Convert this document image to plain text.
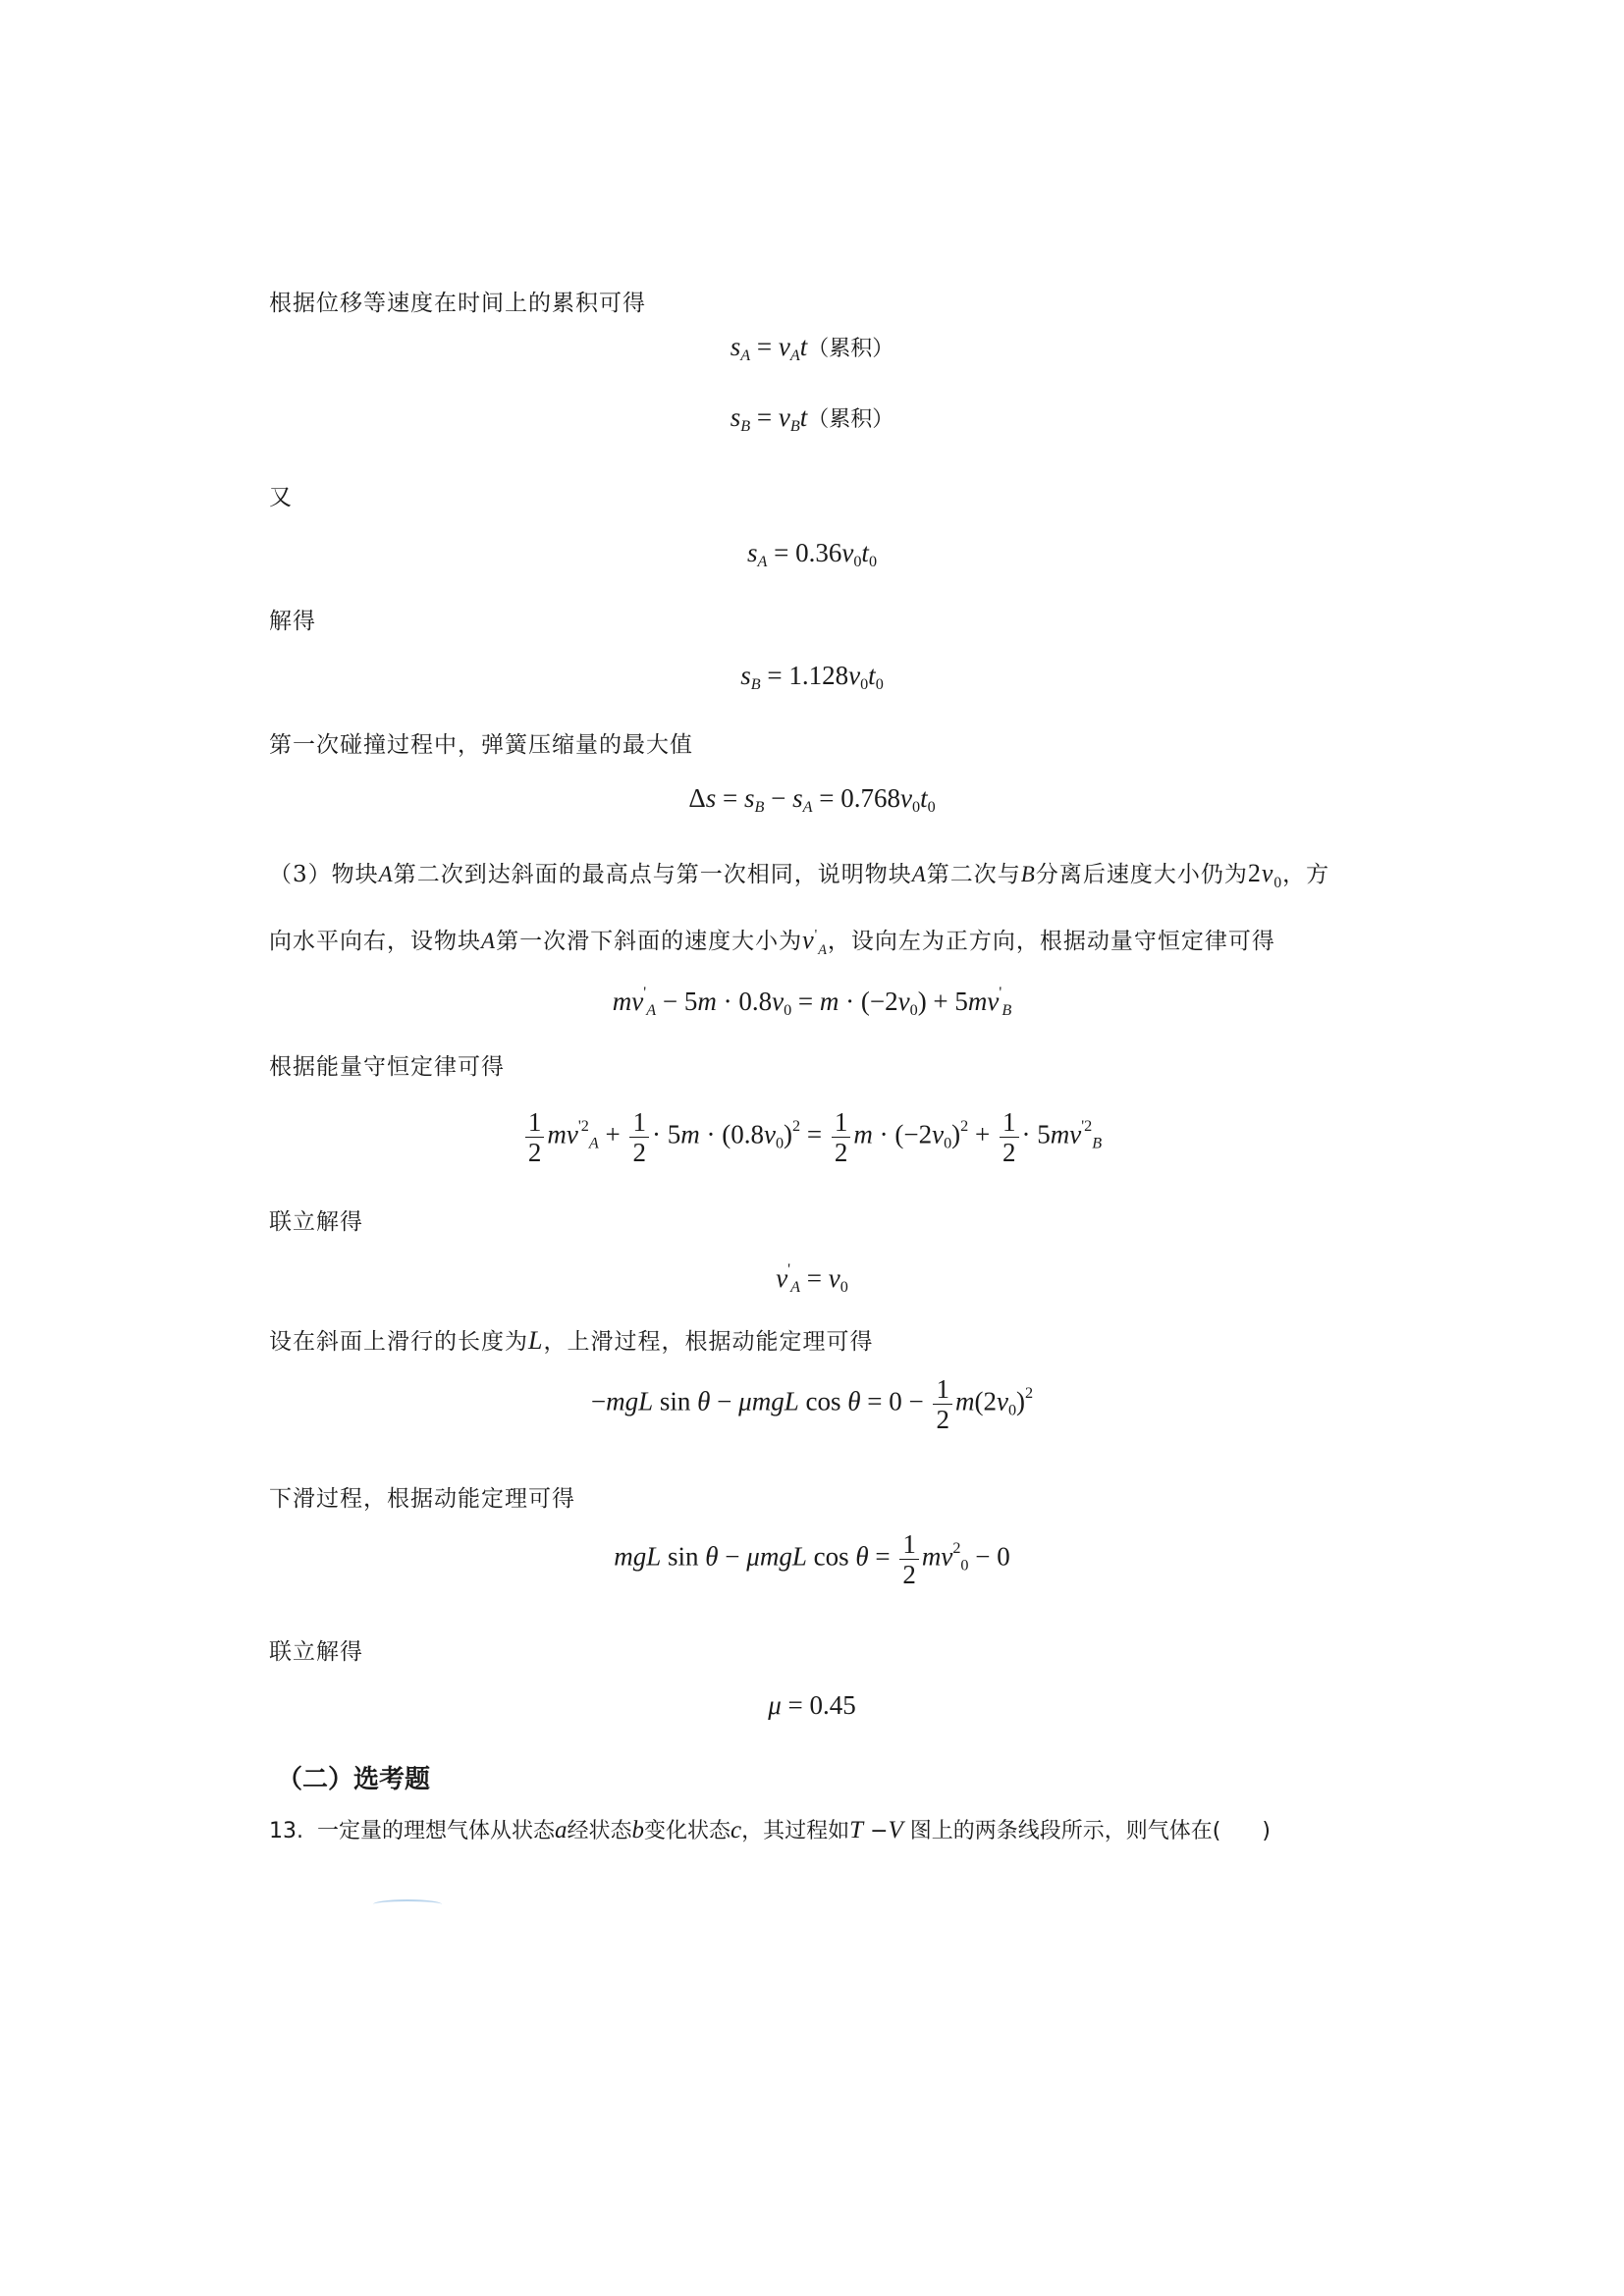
根据位移等速度在时间上的累积可得
$s_A = v_At$（累积）
$s_B = v_Bt$（累积）
又
$s_A = 0.36v_0t_0$
解得
$s_B = 1.128v_0t_0$
第一次碰撞过程中，弹簧压缩量的最大值
$\Delta s = s_B - s_A = 0.768v_0t_0$
（3）物块A第二次到达斜面的最高点与第一次相同，说明物块A第二次与B分离后速度大小仍为$2v_0$，方
向水平向右，设物块A第一次滑下斜面的速度大小为$v'_A$，设向左为正方向，根据动量守恒定律可得
$mv'_A - 5m \cdot 0.8v_0 = m \cdot (-2v_0) + 5mv'_B$
根据能量守恒定律可得
$\frac{1}{2} mv^{'2}_A + \frac{1}{2} \cdot 5m \cdot (0.8v_0)^2 = \frac{1}{2}$ $m \cdot (-2v_0)^2 + \frac{1}{2} \cdot 5mv^{'2}_B$
联立解得
$v'_A = v_0$
设在斜面上滑行的长度为L，上滑过程，根据动能定理可得
−mgL sin θ − μmgL $\cos \theta = 0 - \frac{1}{2} m(2v_0)^2$
下滑过程，根据动能定理可得
mgL sin θ − μmgL $\cos \theta = \frac{1}{2} mv^2_0 - 0$
联立解得
μ = 0.45
（二）选考题
13. 一定量的理想气体从状态a经状态b变化状态c，其过程如T −V 图上的两条线段所示，则气体在( )
